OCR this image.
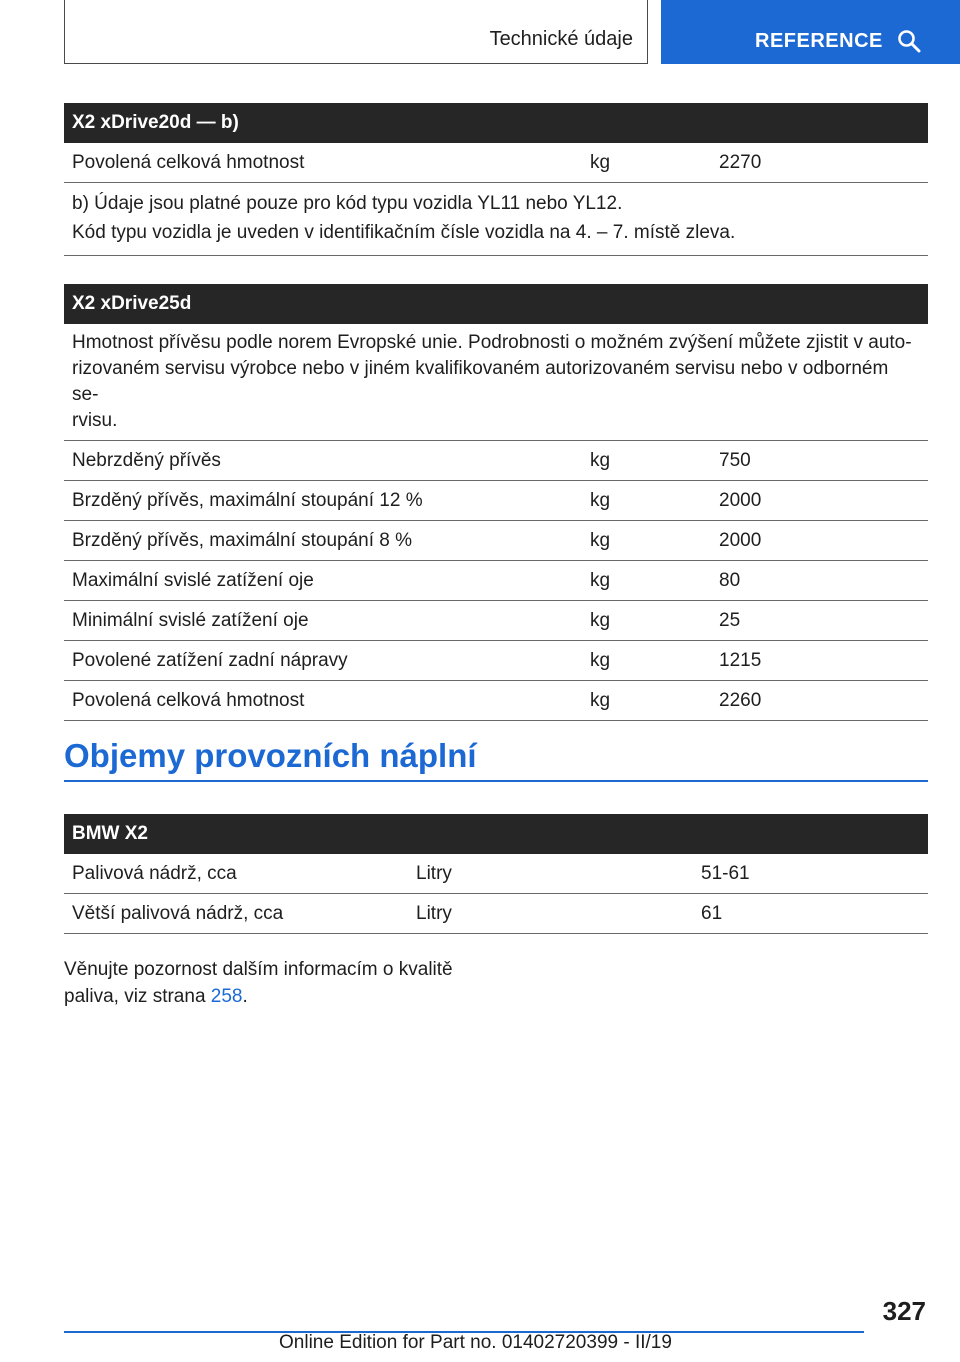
Technické údaje	REFERENCE
X2 xDrive20d — b)
Povolená celková hmotnost	kg	2270
b) Údaje jsou platné pouze pro kód typu vozidla YL11 nebo YL12.
Kód typu vozidla je uveden v identifikačním čísle vozidla na 4. – 7. místě zleva.
X2 xDrive25d
Hmotnost přívěsu podle norem Evropské unie. Podrobnosti o možném zvýšení můžete zjistit v auto-
rizovaném servisu výrobce nebo v jiném kvalifikovaném autorizovaném servisu nebo v odborném se-
rvisu.
Nebrzděný přívěs	kg	750
Brzděný přívěs, maximální stoupání 12 %	kg	2000
Brzděný přívěs, maximální stoupání 8 %	kg	2000
Maximální svislé zatížení oje	kg	80
Minimální svislé zatížení oje	kg	25
Povolené zatížení zadní nápravy	kg	1215
Povolená celková hmotnost	kg	2260
Objemy provozních náplní
BMW X2
Palivová nádrž, cca	Litry	51-61
Větší palivová nádrž, cca	Litry	61
Věnujte pozornost dalším informacím o kvalitě
paliva, viz strana 258.
327
Online Edition for Part no. 01402720399 - II/19
